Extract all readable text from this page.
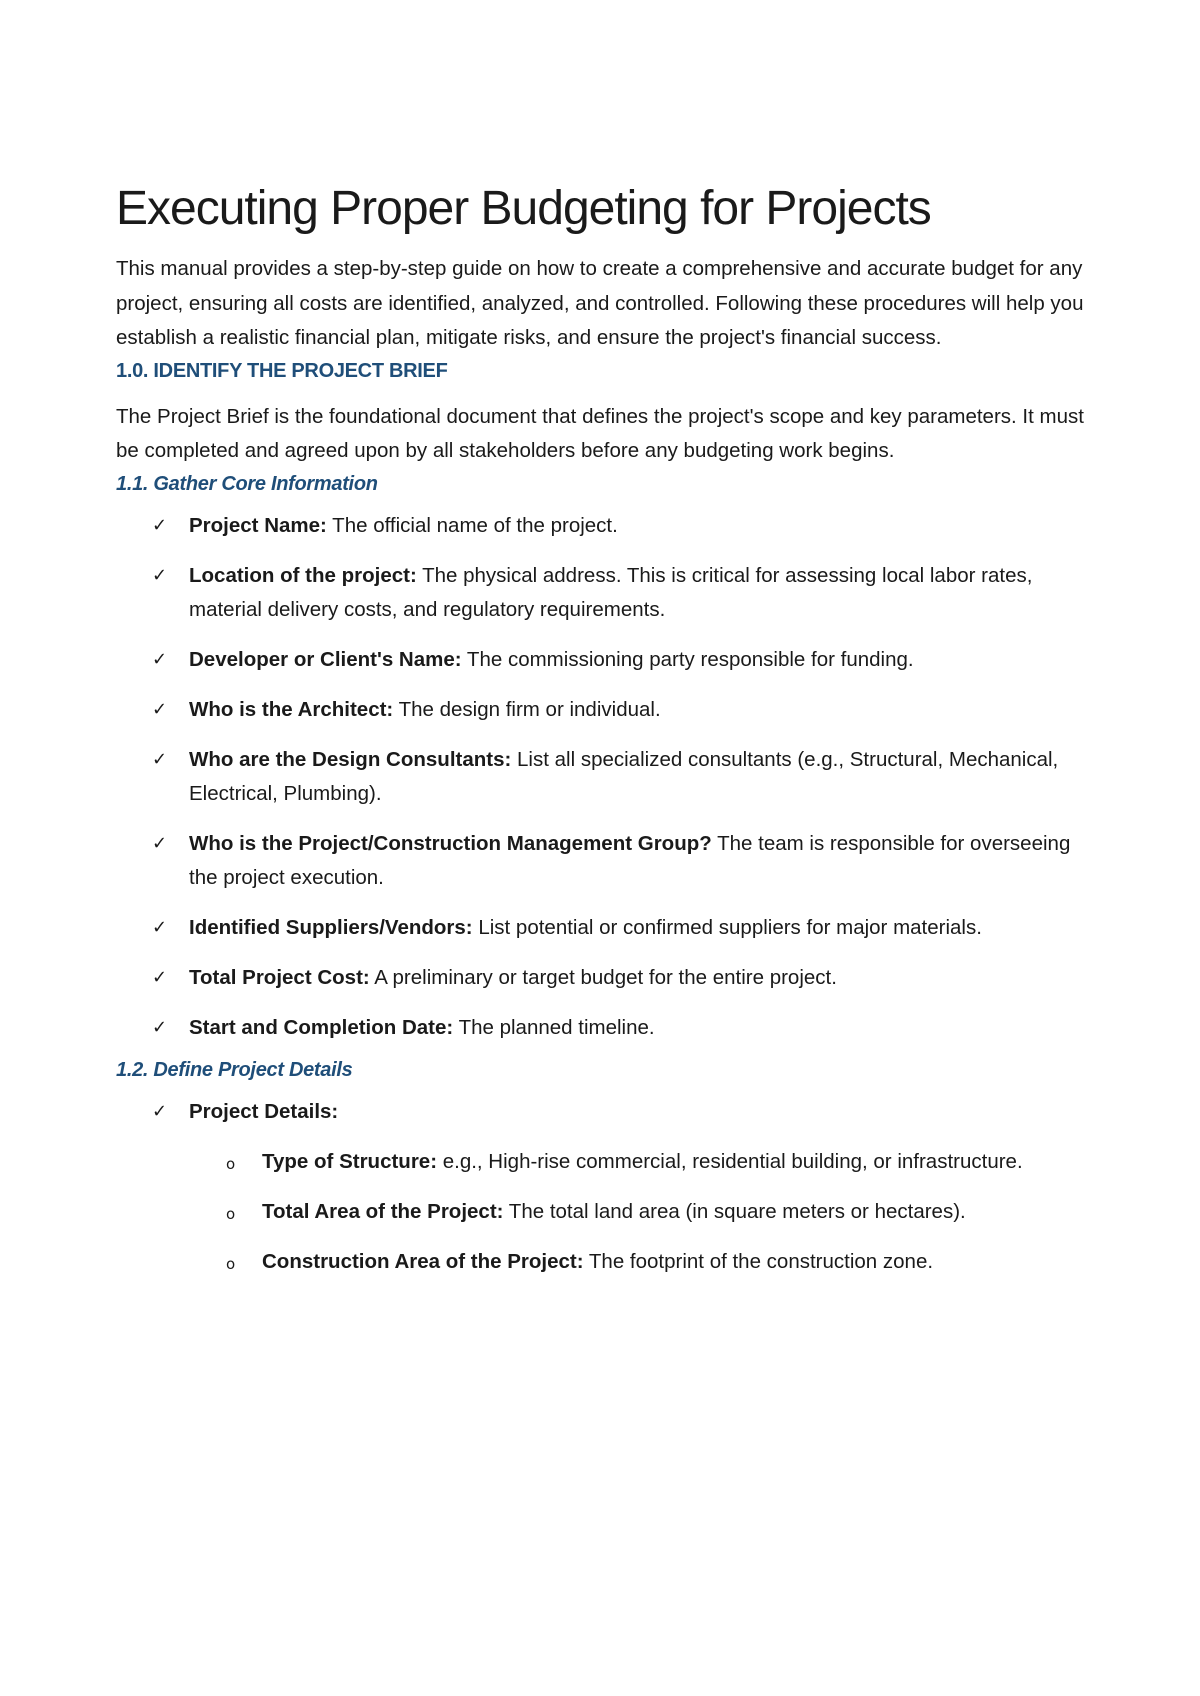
Executing Proper Budgeting for Projects

This manual provides a step-by-step guide on how to create a comprehensive and accurate budget for any project, ensuring all costs are identified, analyzed, and controlled. Following these procedures will help you establish a realistic financial plan, mitigate risks, and ensure the project's financial success.

1.0. IDENTIFY THE PROJECT BRIEF

The Project Brief is the foundational document that defines the project's scope and key parameters. It must be completed and agreed upon by all stakeholders before any budgeting work begins.

1.1. Gather Core Information
✓ Project Name: The official name of the project.
✓ Location of the project: The physical address. This is critical for assessing local labor rates, material delivery costs, and regulatory requirements.
✓ Developer or Client's Name: The commissioning party responsible for funding.
✓ Who is the Architect: The design firm or individual.
✓ Who are the Design Consultants: List all specialized consultants (e.g., Structural, Mechanical, Electrical, Plumbing).
✓ Who is the Project/Construction Management Group? The team is responsible for overseeing the project execution.
✓ Identified Suppliers/Vendors: List potential or confirmed suppliers for major materials.
✓ Total Project Cost: A preliminary or target budget for the entire project.
✓ Start and Completion Date: The planned timeline.
1.2. Define Project Details
✓ Project Details:
o Type of Structure: e.g., High-rise commercial, residential building, or infrastructure.
o Total Area of the Project: The total land area (in square meters or hectares).
o Construction Area of the Project: The footprint of the construction zone.
